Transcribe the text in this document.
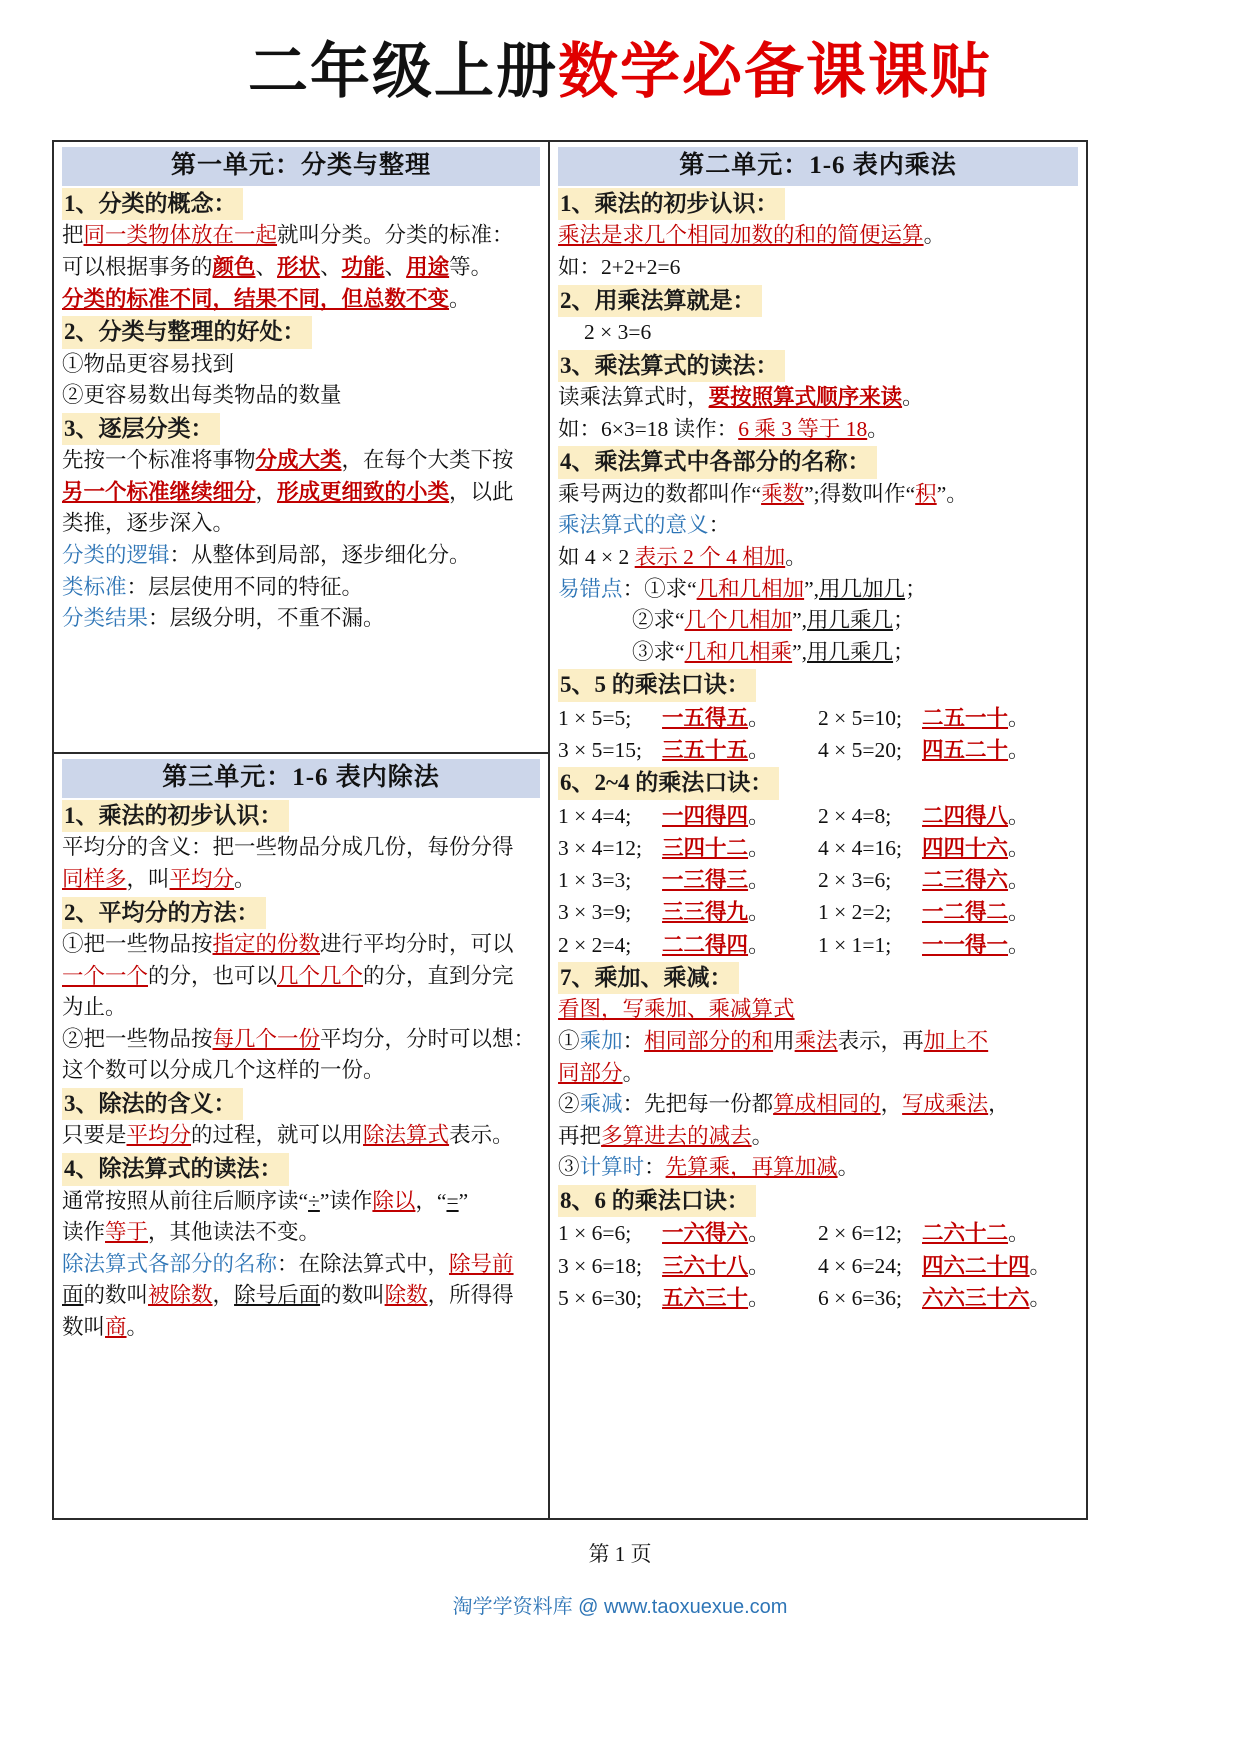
二年级上册数学必备课课贴
第一单元：分类与整理
1、分类的概念：
把同一类物体放在一起就叫分类。分类的标准：
可以根据事务的颜色、形状、功能、用途等。
分类的标准不同，结果不同，但总数不变。
2、分类与整理的好处：
①物品更容易找到
②更容易数出每类物品的数量
3、逐层分类：
先按一个标准将事物分成大类，在每个大类下按
另一个标准继续细分，形成更细致的小类，以此
类推，逐步深入。
分类的逻辑：从整体到局部，逐步细化分。
类标准：层层使用不同的特征。
分类结果：层级分明，不重不漏。
第三单元：1-6 表内除法
1、乘法的初步认识：
平均分的含义：把一些物品分成几份，每份分得
同样多，叫平均分。
2、平均分的方法：
①把一些物品按指定的份数进行平均分时，可以
一个一个的分，也可以几个几个的分，直到分完
为止。
②把一些物品按每几个一份平均分，分时可以想：
这个数可以分成几个这样的一份。
3、除法的含义：
只要是平均分的过程，就可以用除法算式表示。
4、除法算式的读法：
通常按照从前往后顺序读“÷”读作除以，“=”
读作等于，其他读法不变。
除法算式各部分的名称：在除法算式中，除号前
面的数叫被除数，除号后面的数叫除数，所得得
数叫商。
第二单元：1-6 表内乘法
1、乘法的初步认识：
乘法是求几个相同加数的和的简便运算。
如：2+2+2=6
2、用乘法算就是：
2 × 3=6
3、乘法算式的读法：
读乘法算式时，要按照算式顺序来读。
如：6×3=18 读作：6 乘 3 等于 18。
4、乘法算式中各部分的名称：
乘号两边的数都叫作“乘数”;得数叫作“积”。
乘法算式的意义：
如 4 × 2 表示 2 个 4 相加。
易错点：①求“几和几相加”,用几加几；
②求“几个几相加”,用几乘几；
③求“几和几相乘”,用几乘几；
5、5 的乘法口诀：
1 × 5=5;	一五得五 。 2 × 5=10; 二五一十 。
3 × 5=15; 三五十五 。 4 × 5=20; 四五二十 。
6、2~4 的乘法口诀：
1 × 4=4;	一四得四 。 2 × 4=8;	二四得八 。
3 × 4=12; 三四十二 。 4 × 4=16; 四四十六 。
1 × 3=3;	一三得三 。 2 × 3=6;	二三得六 。
3 × 3=9;	三三得九 。 1 × 2=2;	一二得二 。
2 × 2=4;	二二得四 。 1 × 1=1;	一一得一 。
7、乘加、乘减：
看图，写乘加、乘减算式
①乘加：相同部分的和用乘法表示，再加上不
同部分。
②乘减：先把每一份都算成相同的，写成乘法，
再把多算进去的减去。
③计算时：先算乘，再算加减。
8、6 的乘法口诀：
1 × 6=6;	一六得六 。 2 × 6=12; 二六十二 。
3 × 6=18; 三六十八 。 4 × 6=24; 四六二十四 。
5 × 6=30; 五六三十 。 6 × 6=36; 六六三十六 。
第 1 页
淘学学资料库 @ www.taoxuexue.com
